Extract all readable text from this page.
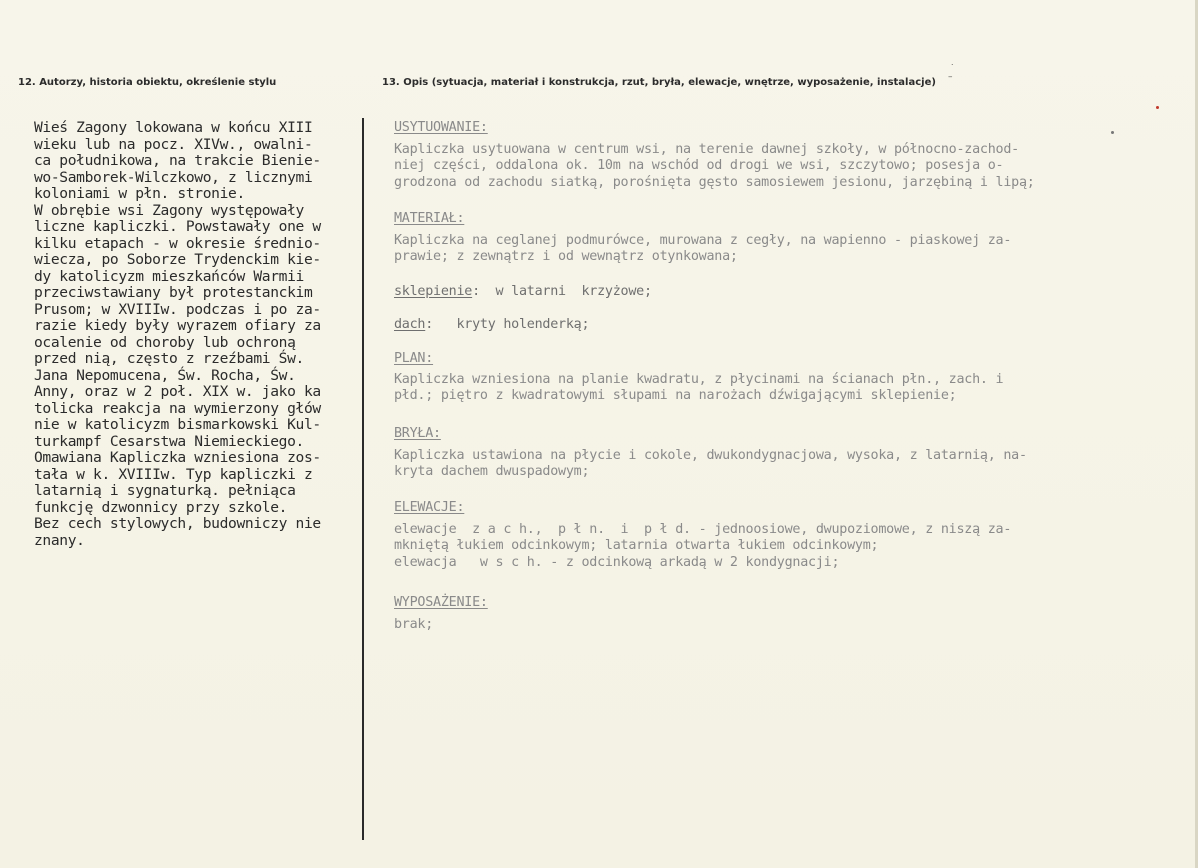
12. Autorzy, historia obiektu, określenie stylu	13. Opis (sytuacja, materiał i konstrukcja, rzut, bryła, elewacje, wnętrze, wyposażenie, instalacje)
˙
–
Wieś Zagony lokowana w końcu XIII
wieku lub na pocz. XIVw., owalni-
ca południkowa, na trakcie Bienie-
wo-Samborek-Wilczkowo, z licznymi
koloniami w płn. stronie.
W obrębie wsi Zagony występowały
liczne kapliczki. Powstawały one w
kilku etapach - w okresie średnio-
wiecza, po Soborze Trydenckim kie-
dy katolicyzm mieszkańców Warmii
przeciwstawiany był protestanckim
Prusom; w XVIIIw. podczas i po za-
razie kiedy były wyrazem ofiary za
ocalenie od choroby lub ochroną
przed nią, często z rzeźbami Św.
Jana Nepomucena, Św. Rocha, Św.
Anny, oraz w 2 poł. XIX w. jako ka
tolicka reakcja na wymierzony głów
nie w katolicyzm bismarkowski Kul-
turkampf Cesarstwa Niemieckiego.
Omawiana Kapliczka wzniesiona zos-
tała w k. XVIIIw. Typ kapliczki z
latarnią i sygnaturką. pełniąca
funkcję dzwonnicy przy szkole.
Bez cech stylowych, budowniczy nie
znany.
USYTUOWANIE:
Kapliczka usytuowana w centrum wsi, na terenie dawnej szkoły, w północno-zachod-
niej części, oddalona ok. 10m na wschód od drogi we wsi, szczytowo; posesja o-
grodzona od zachodu siatką, porośnięta gęsto samosiewem jesionu, jarzębiną i lipą;
MATERIAŁ:
Kapliczka na ceglanej podmurówce, murowana z cegły, na wapienno - piaskowej za-
prawie; z zewnątrz i od wewnątrz otynkowana;
sklepienie:  w latarni  krzyżowe;
dach:   kryty holenderką;
PLAN:
Kapliczka wzniesiona na planie kwadratu, z płycinami na ścianach płn., zach. i
płd.; piętro z kwadratowymi słupami na narożach dźwigającymi sklepienie;
BRYŁA:
Kapliczka ustawiona na płycie i cokole, dwukondygnacjowa, wysoka, z latarnią, na-
kryta dachem dwuspadowym;
ELEWACJE:
elewacje  z a c h.,  p ł n.  i  p ł d. - jednoosiowe, dwupoziomowe, z niszą za-
mkniętą łukiem odcinkowym; latarnia otwarta łukiem odcinkowym;
elewacja   w s c h. - z odcinkową arkadą w 2 kondygnacji;
WYPOSAŻENIE:
brak;
